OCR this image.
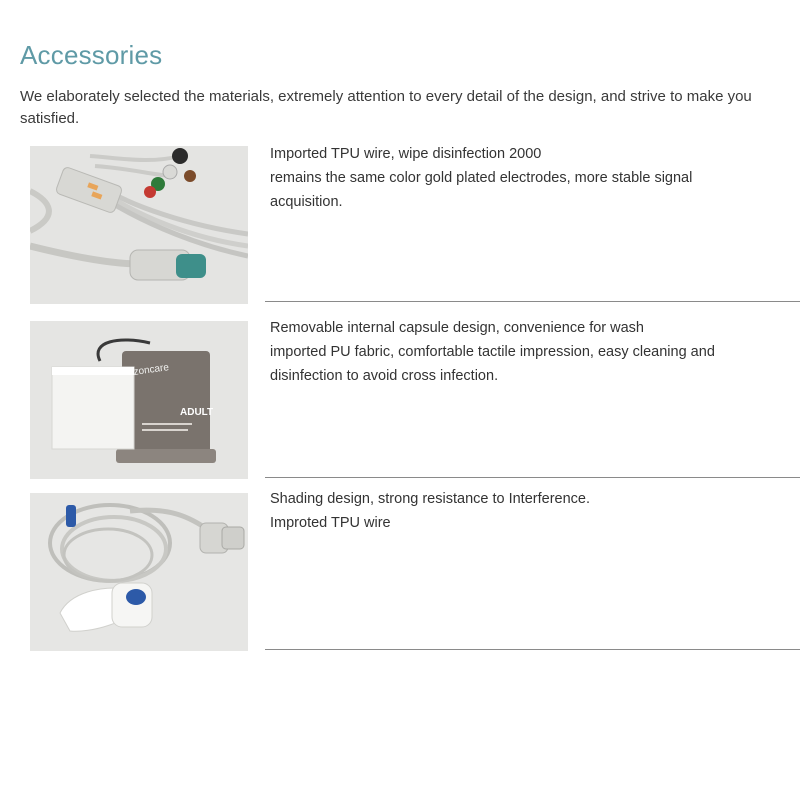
Accessories
We elaborately selected the materials, extremely attention to every detail of the design, and strive to make you satisfied.
Imported TPU wire, wipe disinfection 2000
remains the same color gold plated electrodes, more stable signal
acquisition.
zoncare
ADULT
Removable internal capsule design, convenience for wash
imported PU fabric, comfortable tactile impression, easy cleaning and
disinfection to avoid cross infection.
Shading design, strong resistance to Interference.
Improted TPU wire
